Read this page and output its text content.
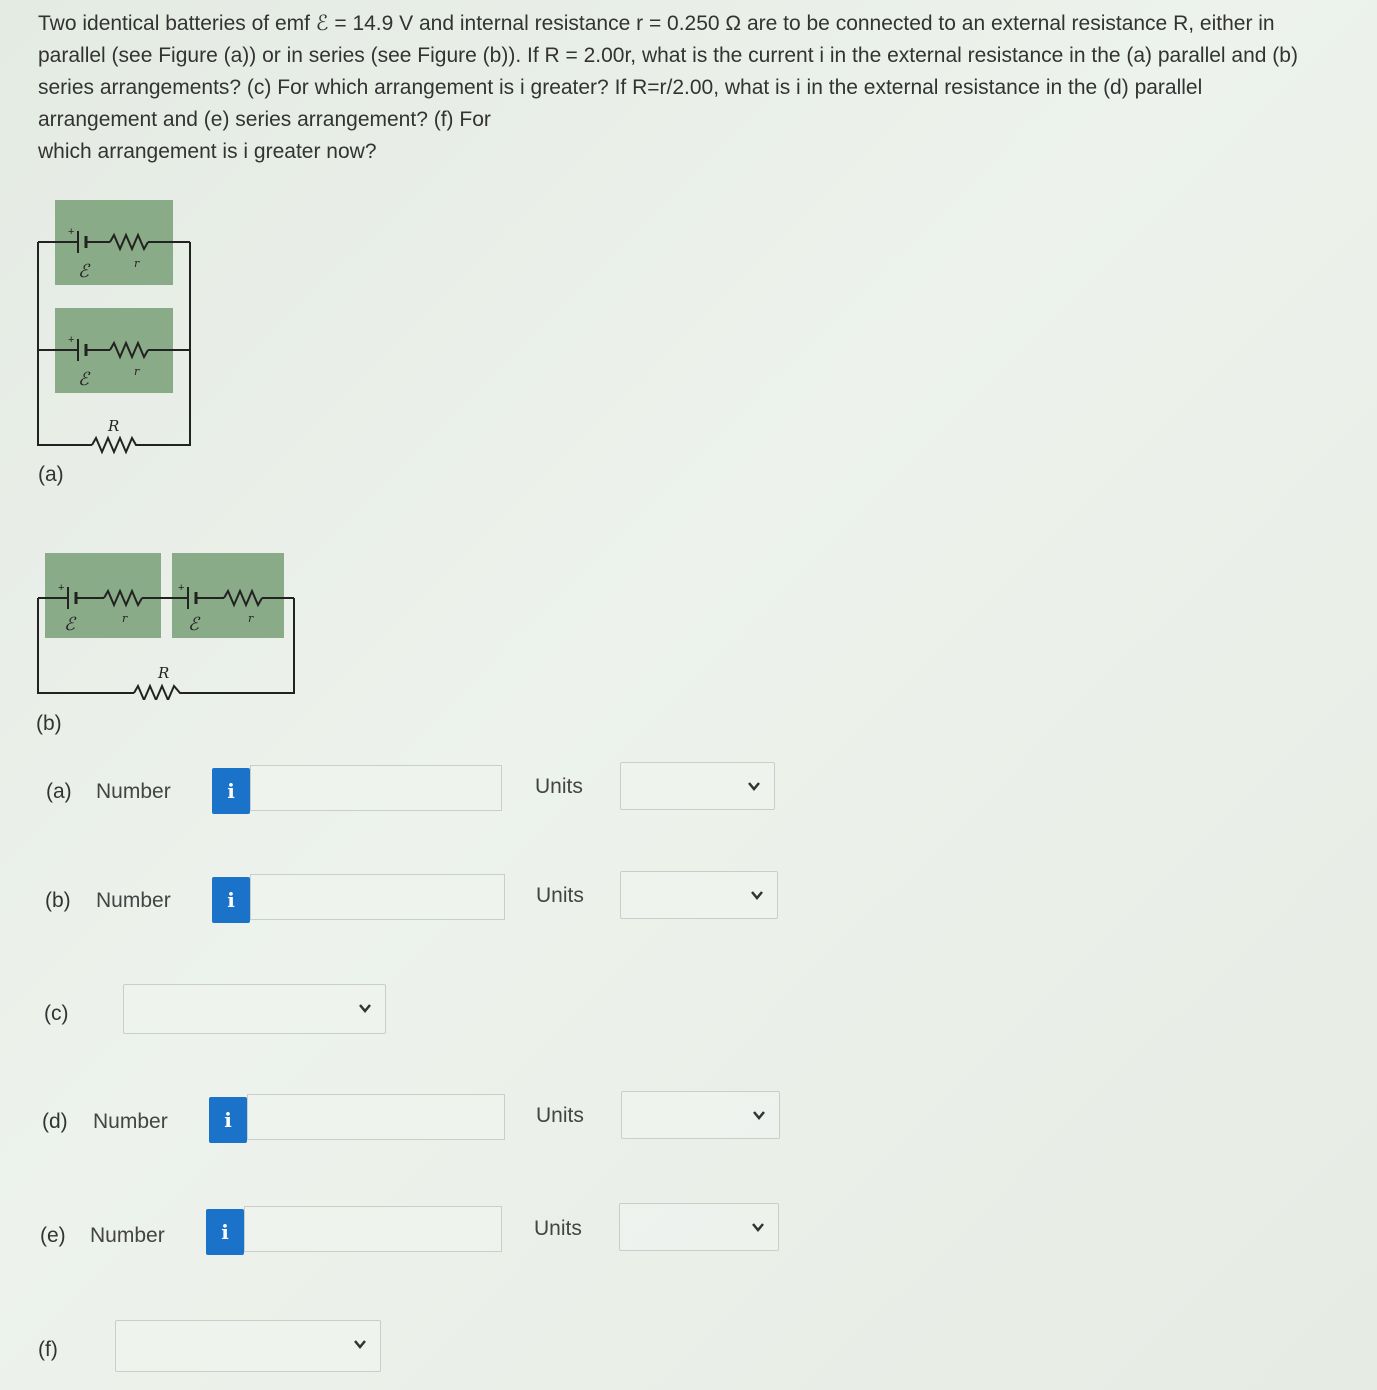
Two identical batteries of emf ℰ = 14.9 V and internal resistance r = 0.250 Ω are to be connected to an external resistance R, either in

parallel (see Figure (a)) or in series (see Figure (b)). If R = 2.00r, what is the current i in the external resistance in the (a) parallel and (b)

series arrangements? (c) For which arrangement is i greater? If R=r/2.00, what is i in the external resistance in the (d) parallel

arrangement and (e) series arrangement? (f) For

which arrangement is i greater now?

+
+
ℰ	r
ℰ	r
R
(a)
+	+
ℰ	r	ℰ	r
R
(b)
(a) Number	i	Units
(b) Number	i	Units
(c)
(d) Number	i	Units
(e) Number	i	Units
(f)
